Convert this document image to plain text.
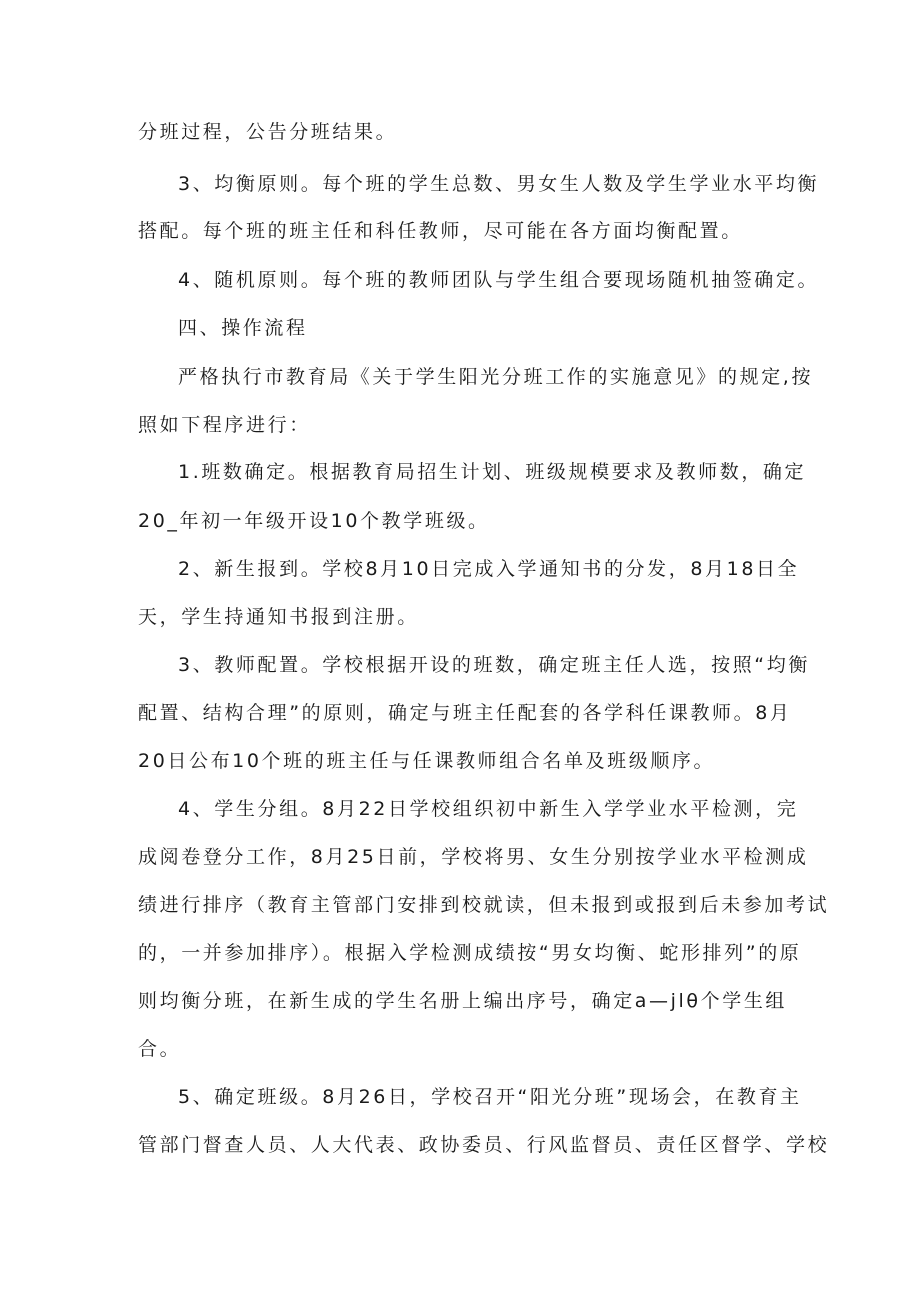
分班过程，公告分班结果。
3、均衡原则。每个班的学生总数、男女生人数及学生学业水平均衡
搭配。每个班的班主任和科任教师，尽可能在各方面均衡配置。
4、随机原则。每个班的教师团队与学生组合要现场随机抽签确定。
四、操作流程
严格执行市教育局《关于学生阳光分班工作的实施意见》的规定,按
照如下程序进行：
1.班数确定。根据教育局招生计划、班级规模要求及教师数，确定
20_年初一年级开设10个教学班级。
2、新生报到。学校8月10日完成入学通知书的分发，8月18日全
天，学生持通知书报到注册。
3、教师配置。学校根据开设的班数，确定班主任人选，按照“均衡
配置、结构合理”的原则，确定与班主任配套的各学科任课教师。8月
20日公布10个班的班主任与任课教师组合名单及班级顺序。
4、学生分组。8月22日学校组织初中新生入学学业水平检测，完
成阅卷登分工作，8月25日前，学校将男、女生分别按学业水平检测成
绩进行排序（教育主管部门安排到校就读，但未报到或报到后未参加考试
的，一并参加排序）。根据入学检测成绩按“男女均衡、蛇形排列”的原
则均衡分班，在新生成的学生名册上编出序号，确定a—jlθ个学生组
合。
5、确定班级。8月26日，学校召开“阳光分班”现场会，在教育主
管部门督查人员、人大代表、政协委员、行风监督员、责任区督学、学校
